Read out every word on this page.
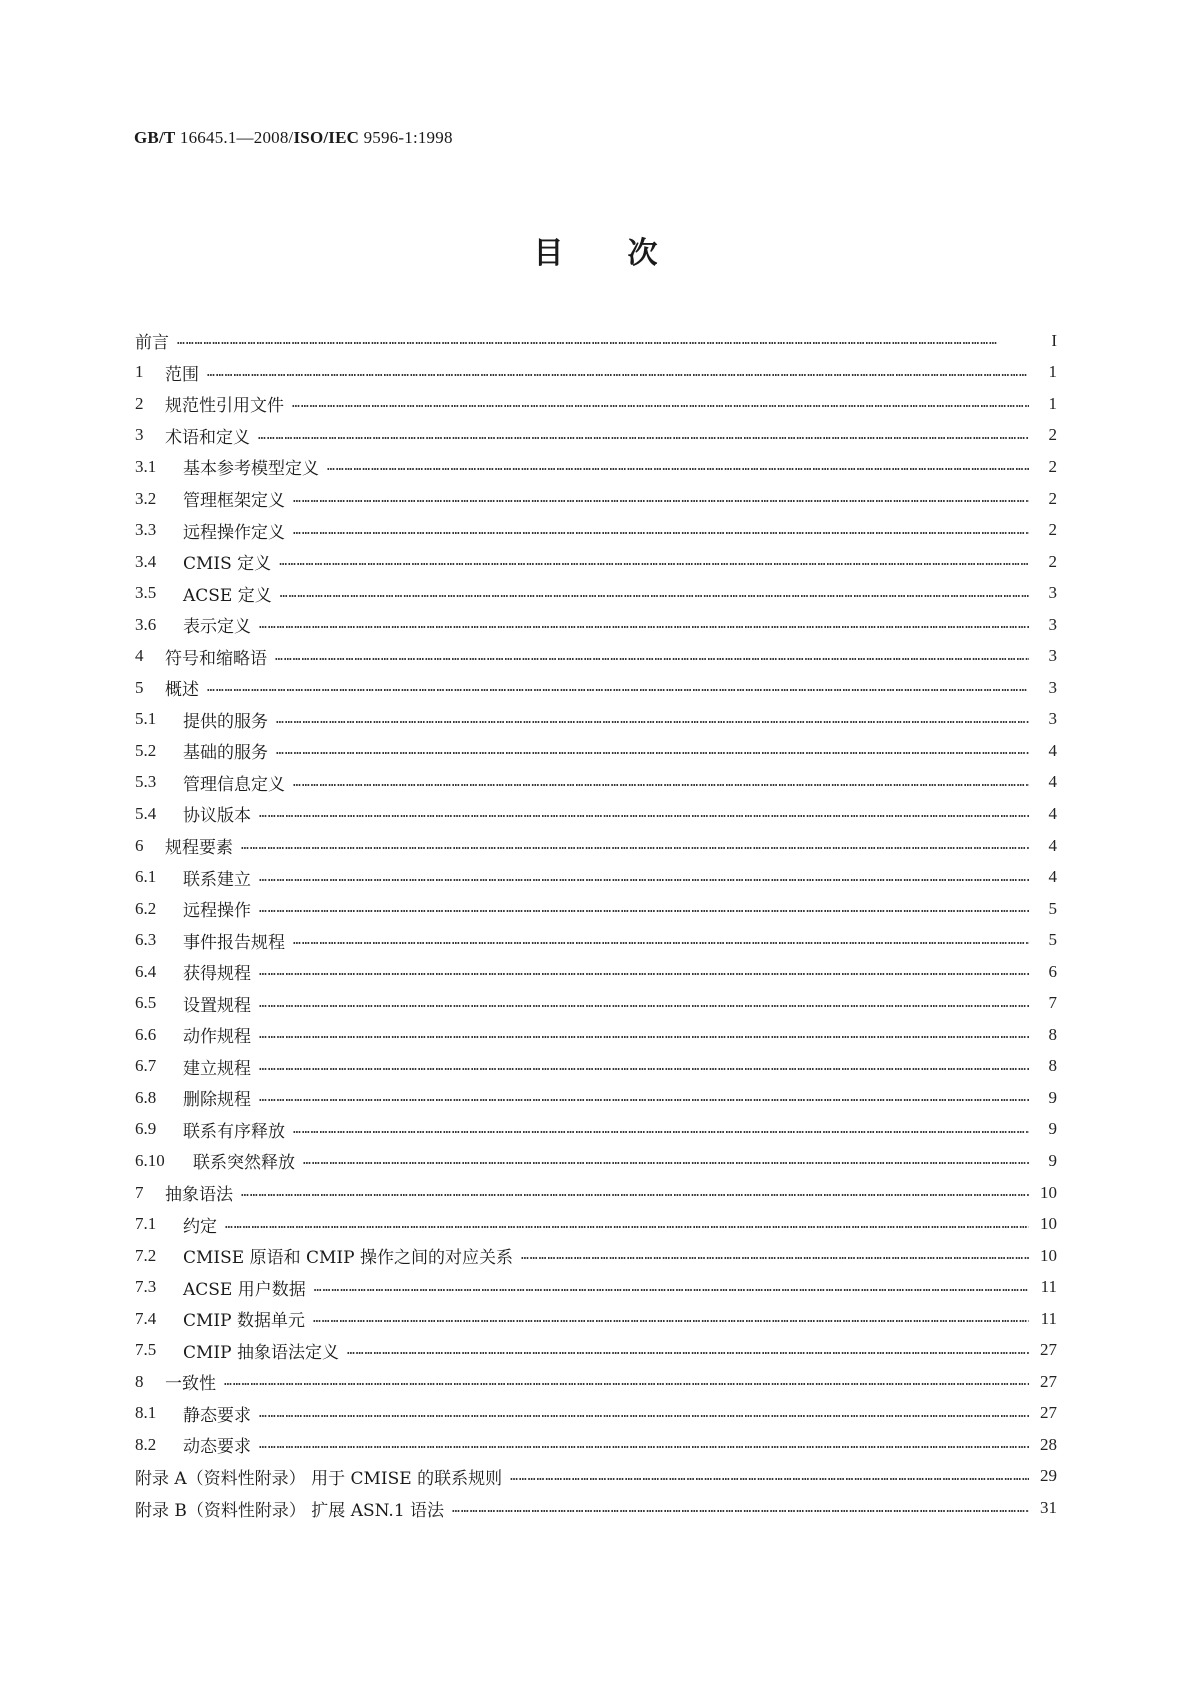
GB/T 16645.1—2008/ISO/IEC 9596-1:1998
目 次
前言 ………………………………………………………………………………………………………………………………………………………………………………………………………………………………………………………	I
1	范围 ………………………………………………………………………………………………………………………………………………………………………………………………………………………………………………………	1
2	规范性引用文件 ………………………………………………………………………………………………………………………………………………………………………………………………………………………………………………………	1
3	术语和定义 ………………………………………………………………………………………………………………………………………………………………………………………………………………………………………………………	2
3.1	基本参考模型定义 ………………………………………………………………………………………………………………………………………………………………………………………………………………………………………………………	2
3.2	管理框架定义 ………………………………………………………………………………………………………………………………………………………………………………………………………………………………………………………	2
3.3	远程操作定义 ………………………………………………………………………………………………………………………………………………………………………………………………………………………………………………………	2
3.4	CMIS 定义 ………………………………………………………………………………………………………………………………………………………………………………………………………………………………………………………	2
3.5	ACSE 定义 ………………………………………………………………………………………………………………………………………………………………………………………………………………………………………………………	3
3.6	表示定义 ………………………………………………………………………………………………………………………………………………………………………………………………………………………………………………………	3
4	符号和缩略语 ………………………………………………………………………………………………………………………………………………………………………………………………………………………………………………………	3
5	概述 ………………………………………………………………………………………………………………………………………………………………………………………………………………………………………………………	3
5.1	提供的服务 ………………………………………………………………………………………………………………………………………………………………………………………………………………………………………………………	3
5.2	基础的服务 ………………………………………………………………………………………………………………………………………………………………………………………………………………………………………………………	4
5.3	管理信息定义 ………………………………………………………………………………………………………………………………………………………………………………………………………………………………………………………	4
5.4	协议版本 ………………………………………………………………………………………………………………………………………………………………………………………………………………………………………………………	4
6	规程要素 ………………………………………………………………………………………………………………………………………………………………………………………………………………………………………………………	4
6.1	联系建立 ………………………………………………………………………………………………………………………………………………………………………………………………………………………………………………………	4
6.2	远程操作 ………………………………………………………………………………………………………………………………………………………………………………………………………………………………………………………	5
6.3	事件报告规程 ………………………………………………………………………………………………………………………………………………………………………………………………………………………………………………………	5
6.4	获得规程 ………………………………………………………………………………………………………………………………………………………………………………………………………………………………………………………	6
6.5	设置规程 ………………………………………………………………………………………………………………………………………………………………………………………………………………………………………………………	7
6.6	动作规程 ………………………………………………………………………………………………………………………………………………………………………………………………………………………………………………………	8
6.7	建立规程 ………………………………………………………………………………………………………………………………………………………………………………………………………………………………………………………	8
6.8	删除规程 ………………………………………………………………………………………………………………………………………………………………………………………………………………………………………………………	9
6.9	联系有序释放 ………………………………………………………………………………………………………………………………………………………………………………………………………………………………………………………	9
6.10	联系突然释放 ………………………………………………………………………………………………………………………………………………………………………………………………………………………………………………………	9
7	抽象语法 ………………………………………………………………………………………………………………………………………………………………………………………………………………………………………………………	10
7.1	约定 ………………………………………………………………………………………………………………………………………………………………………………………………………………………………………………………	10
7.2	CMISE 原语和 CMIP 操作之间的对应关系 ………………………………………………………………………………………………………………………………………………………………………………………………………………………………………………………	10
7.3	ACSE 用户数据 ………………………………………………………………………………………………………………………………………………………………………………………………………………………………………………………	11
7.4	CMIP 数据单元 ………………………………………………………………………………………………………………………………………………………………………………………………………………………………………………………	11
7.5	CMIP 抽象语法定义 ………………………………………………………………………………………………………………………………………………………………………………………………………………………………………………………	27
8	一致性 ………………………………………………………………………………………………………………………………………………………………………………………………………………………………………………………	27
8.1	静态要求 ………………………………………………………………………………………………………………………………………………………………………………………………………………………………………………………	27
8.2	动态要求 ………………………………………………………………………………………………………………………………………………………………………………………………………………………………………………………	28
附录 A（资料性附录） 用于 CMISE 的联系规则 ………………………………………………………………………………………………………………………………………………………………………………………………………………………………………………………	29
附录 B（资料性附录） 扩展 ASN.1 语法 ………………………………………………………………………………………………………………………………………………………………………………………………………………………………………………………	31
